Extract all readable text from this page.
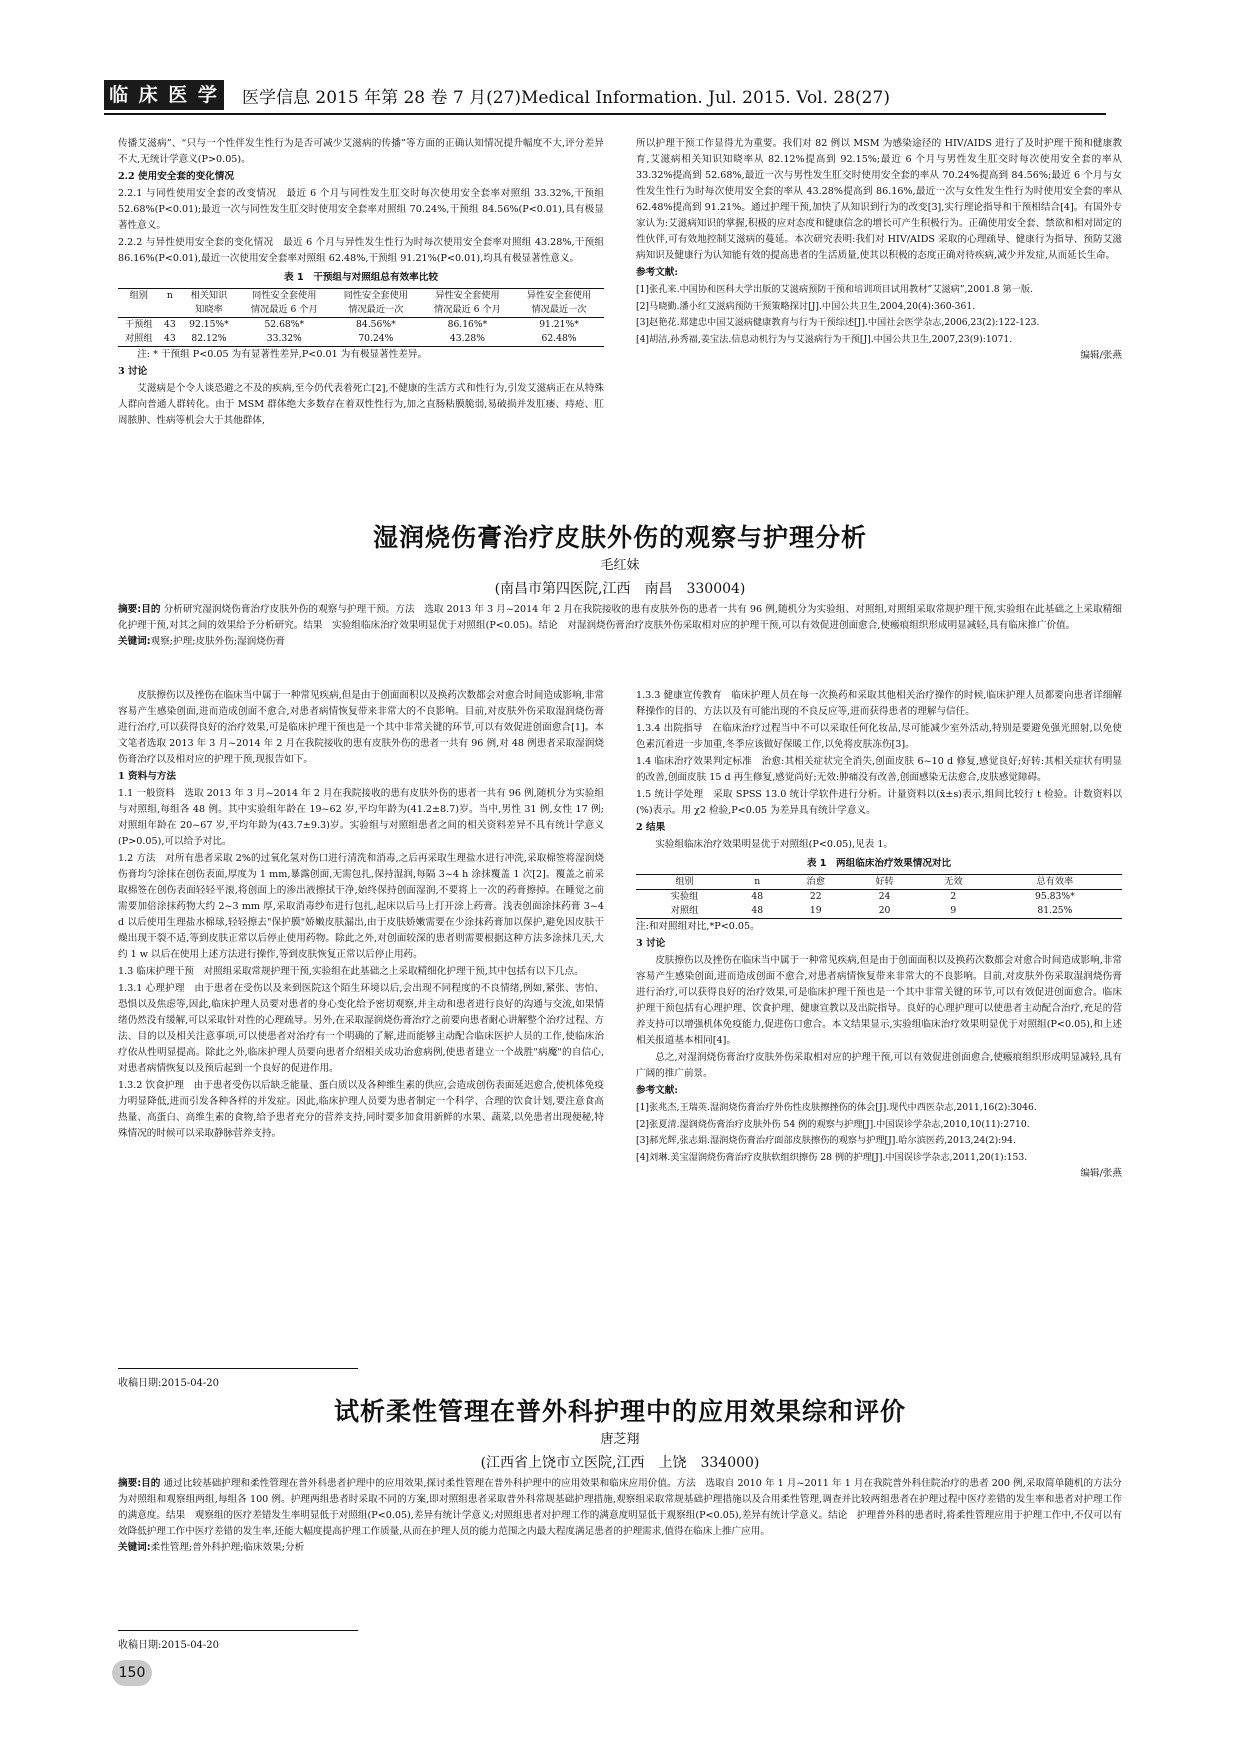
临 床 医 学 医学信息 2015 年第 28 卷 7 月(27)Medical Information. Jul. 2015. Vol. 28(27)

传播艾滋病”、“只与一个性伴发生性行为是否可减少艾滋病的传播”等方面的正确认知情况提升幅度不大,评分差异不大,无统计学意义(P>0.05)。

2.2 使用安全套的变化情况

2.2.1 与同性使用安全套的改变情况　最近 6 个月与同性发生肛交时每次使用安全套率对照组 33.32%,干预组 52.68%(P<0.01);最近一次与同性发生肛交时使用安全套率对照组 70.24%,干预组 84.56%(P<0.01),具有极显著性意义。

2.2.2 与异性使用安全套的变化情况　最近 6 个月与异性发生性行为时每次使用安全套率对照组 43.28%,干预组 86.16%(P<0.01),最近一次使用安全套率对照组 62.48%,干预组 91.21%(P<0.01),均具有极显著性意义。

表 1　干预组与对照组总有效率比较
组别	n	相关知识	同性安全套使用	同性安全套使用	异性安全套使用	异性安全套使用
		知晓率	情况最近 6 个月	情况最近一次	情况最近 6 个月	情况最近一次
干预组	43	92.15%*	52.68%*	84.56%*	86.16%*	91.21%*
对照组	43	82.12%	33.32%	70.24%	43.28%	62.48%

注: * 干预组 P<0.05 为有显著性差异,P<0.01 为有极显著性差异。

3 讨论

艾滋病是个令人谈恐避之不及的疾病,至今仍代表着死亡[2],不健康的生活方式和性行为,引发艾滋病正在从特殊人群向普通人群转化。由于 MSM 群体绝大多数存在着双性性行为,加之直肠粘膜脆弱,易破损并发肛瘘、痔疮、肛周脓肿、性病等机会大于其他群体,

所以护理干预工作显得尤为重要。我们对 82 例以 MSM 为感染途径的 HIV/AIDS 进行了及时护理干预和健康教育,艾滋病相关知识知晓率从 82.12%提高到 92.15%;最近 6 个月与男性发生肛交时每次使用安全套的率从 33.32%提高到 52.68%,最近一次与男性发生肛交时使用安全套的率从 70.24%提高到 84.56%;最近 6 个月与女性发生性行为时每次使用安全套的率从 43.28%提高到 86.16%,最近一次与女性发生性行为时使用安全套的率从 62.48%提高到 91.21%。通过护理干预,加快了从知识到行为的改变[3],实行理论指导和干预相结合[4]。有国外专家认为:艾滋病知识的掌握,积极的应对态度和健康信念的增长可产生积极行为。正确使用安全套、禁欲和相对固定的性伙伴,可有效地控制艾滋病的蔓延。本次研究表明:我们对 HIV/AIDS 采取的心理疏导、健康行为指导、预防艾滋病知识及健康行为认知能有效的提高患者的生活质量,使其以积极的态度正确对待疾病,减少并发症,从而延长生命。

参考文献:

[1]张孔来.中国协和医科大学出版的艾滋病预防干预和培训项目试用教材”艾滋病”,2001.8 第一版.

[2]马晓勤.潘小红艾滋病预防干预策略探讨[J].中国公共卫生,2004,20(4):360-361.

[3]赵艳花.郑建忠中国艾滋病健康教育与行为干预综述[J].中国社会医学杂志,2006,23(2):122-123.

[4]胡洁,孙秀福,姜宝法.信息动机行为与艾滋病行为干预[J].中国公共卫生,2007,23(9):1071.

编辑/张燕

湿润烧伤膏治疗皮肤外伤的观察与护理分析
毛红妹
(南昌市第四医院,江西　南昌　330004)
摘要:目的 分析研究湿润烧伤膏治疗皮肤外伤的观察与护理干预。方法　选取 2013 年 3 月~2014 年 2 月在我院接收的患有皮肤外伤的患者一共有 96 例,随机分为实验组、对照组,对照组采取常规护理干预,实验组在此基础之上采取精细化护理干预,对其之间的效果给予分析研究。结果　实验组临床治疗效果明显优于对照组(P<0.05)。结论　对湿润烧伤膏治疗皮肤外伤采取相对应的护理干预,可以有效促进创面愈合,使瘢痕组织形成明显减轻,具有临床推广价值。
关键词:观察;护理;皮肤外伤;湿润烧伤膏

皮肤擦伤以及挫伤在临床当中属于一种常见疾病,但是由于创面面积以及换药次数都会对愈合时间造成影响,非常容易产生感染创面,进而造成创面不愈合,对患者病情恢复带来非常大的不良影响。目前,对皮肤外伤采取湿润烧伤膏进行治疗,可以获得良好的治疗效果,可是临床护理干预也是一个其中非常关键的环节,可以有效促进创面愈合[1]。本文笔者选取 2013 年 3 月~2014 年 2 月在我院接收的患有皮肤外伤的患者一共有 96 例,对 48 例患者采取湿润烧伤膏治疗以及相对应的护理干预,现报告如下。

1 资料与方法

1.1 一般资料　选取 2013 年 3 月~2014 年 2 月在我院接收的患有皮肤外伤的患者一共有 96 例,随机分为实验组与对照组,每组各 48 例。其中实验组年龄在 19~62 岁,平均年龄为(41.2±8.7)岁。当中,男性 31 例,女性 17 例;对照组年龄在 20~67 岁,平均年龄为(43.7±9.3)岁。实验组与对照组患者之间的相关资料差异不具有统计学意义(P>0.05),可以给予对比。

1.2 方法　对所有患者采取 2%的过氧化氢对伤口进行清洗和消毒,之后再采取生理盐水进行冲洗,采取棉签将湿润烧伤膏均匀涂抹在创伤表面,厚度为 1 mm,暴露创面,无需包扎,保持湿润,每隔 3~4 h 涂抹覆盖 1 次[2]。覆盖之前采取棉签在创伤表面轻轻平滚,将创面上的渗出液擦拭干净,始终保持创面湿润,不要将上一次的药膏擦掉。在睡觉之前需要加倍涂抹药物大约 2~3 mm 厚,采取消毒纱布进行包扎,起床以后马上打开涂上药膏。浅表创面涂抹药膏 3~4 d 以后使用生理盐水棉球,轻轻擦去"保护膜"娇嫩皮肤漏出,由于皮肤娇嫩需要在少涂抹药膏加以保护,避免因皮肤干燥出现干裂不适,等到皮肤正常以后停止使用药物。除此之外,对创面较深的患者则需要根据这种方法多涂抹几天,大约 1 w 以后在使用上述方法进行操作,等到皮肤恢复正常以后停止用药。

1.3 临床护理干预　对照组采取常规护理干预,实验组在此基础之上采取精细化护理干预,其中包括有以下几点。

1.3.1 心理护理　由于患者在受伤以及来到医院这个陌生环境以后,会出现不同程度的不良情绪,例如,紧张、害怕、恐惧以及焦虑等,因此,临床护理人员要对患者的身心变化给予密切观察,并主动和患者进行良好的沟通与交流,如果情绪仍然没有缓解,可以采取针对性的心理疏导。另外,在采取湿润烧伤膏治疗之前要向患者耐心讲解整个治疗过程、方法、目的以及相关注意事项,可以使患者对治疗有一个明确的了解,进而能够主动配合临床医护人员的工作,使临床治疗依从性明显提高。除此之外,临床护理人员要向患者介绍相关成功治愈病例,使患者建立一个战胜"病魔"的自信心,对患者病情恢复以及预后起到一个良好的促进作用。

1.3.2 饮食护理　由于患者受伤以后缺乏能量、蛋白质以及各种维生素的供应,会造成创伤表面延迟愈合,使机体免疫力明显降低,进而引发各种各样的并发症。因此,临床护理人员要为患者制定一个科学、合理的饮食计划,要注意食高热量、高蛋白、高维生素的食物,给予患者充分的营养支持,同时要多加食用新鲜的水果、蔬菜,以免患者出现便秘,特殊情况的时候可以采取静脉营养支持。

收稿日期:2015-04-20

1.3.3 健康宣传教育　临床护理人员在每一次换药和采取其他相关治疗操作的时候,临床护理人员都要向患者详细解释操作的目的、方法以及有可能出现的不良反应等,进而获得患者的理解与信任。

1.3.4 出院指导　在临床治疗过程当中不可以采取任何化妆品,尽可能减少室外活动,特别是要避免强光照射,以免使色素沉着进一步加重,冬季应该做好保暖工作,以免将皮肤冻伤[3]。

1.4 临床治疗效果判定标准　治愈:其相关症状完全消失,创面皮肤 6~10 d 修复,感觉良好;好转:其相关症状有明显的改善,创面皮肤 15 d 再生修复,感觉尚好;无效:肿痛没有改善,创面感染无法愈合,皮肤感觉障碍。

1.5 统计学处理　采取 SPSS 13.0 统计学软件进行分析。计量资料以(x̄±s)表示,组间比较行 t 检验。计数资料以(%)表示。用 χ2 检验,P<0.05 为差异具有统计学意义。

2 结果

实验组临床治疗效果明显优于对照组(P<0.05),见表 1。

表 1　两组临床治疗效果情况对比
组别	n	治愈	好转	无效	总有效率
实验组	48	22	24	2	95.83%*
对照组	48	19	20	9	81.25%

注:和对照组对比,*P<0.05。

3 讨论

皮肤擦伤以及挫伤在临床当中属于一种常见疾病,但是由于创面面积以及换药次数都会对愈合时间造成影响,非常容易产生感染创面,进而造成创面不愈合,对患者病情恢复带来非常大的不良影响。目前,对皮肤外伤采取湿润烧伤膏进行治疗,可以获得良好的治疗效果,可是临床护理干预也是一个其中非常关键的环节,可以有效促进创面愈合。临床护理干预包括有心理护理、饮食护理、健康宣教以及出院指导。良好的心理护理可以使患者主动配合治疗,充足的营养支持可以增强机体免疫能力,促进伤口愈合。本文结果显示,实验组临床治疗效果明显优于对照组(P<0.05),和上述相关报道基本相同[4]。

总之,对湿润烧伤膏治疗皮肤外伤采取相对应的护理干预,可以有效促进创面愈合,使瘢痕组织形成明显减轻,具有广阔的推广前景。

参考文献:

[1]张兆杰,王瑞英.湿润烧伤膏治疗外伤性皮肤擦挫伤的体会[J].现代中西医杂志,2011,16(2):3046.

[2]张夏清.湿润烧伤膏治疗皮肤外伤 54 例的观察与护理[J].中国误诊学杂志,2010,10(11):2710.

[3]郝光辉,张志娟.湿润烧伤膏治疗面部皮肤擦伤的观察与护理[J].哈尔滨医药,2013,24(2):94.

[4]刘琳.美宝湿润烧伤膏治疗皮肤软组织擦伤 28 例的护理[J].中国误诊学杂志,2011,20(1):153.

编辑/张燕

试析柔性管理在普外科护理中的应用效果综和评价
唐芝翔
(江西省上饶市立医院,江西　上饶　334000)
摘要:目的 通过比较基础护理和柔性管理在普外科患者护理中的应用效果,探讨柔性管理在普外科护理中的应用效果和临床应用价值。方法　选取自 2010 年 1 月~2011 年 1 月在我院普外科住院治疗的患者 200 例,采取简单随机的方法分为对照组和观察组两组,每组各 100 例。护理两组患者时采取不同的方案,即对照组患者采取普外科常规基础护理措施,观察组采取常规基础护理措施以及合用柔性管理,调查并比较两组患者在护理过程中医疗差错的发生率和患者对护理工作的满意度。结果　观察组的医疗差错发生率明显低于对照组(P<0.05),差异有统计学意义;对照组患者对护理工作的满意度明显低于观察组(P<0.05),差异有统计学意义。结论　护理普外科的患者时,将柔性管理应用于护理工作中,不仅可以有效降低护理工作中医疗差错的发生率,还能大幅度提高护理工作质量,从而在护理人员的能力范围之内最大程度满足患者的护理需求,值得在临床上推广应用。
关键词:柔性管理;普外科护理;临床效果;分析
收稿日期:2015-04-20
150
